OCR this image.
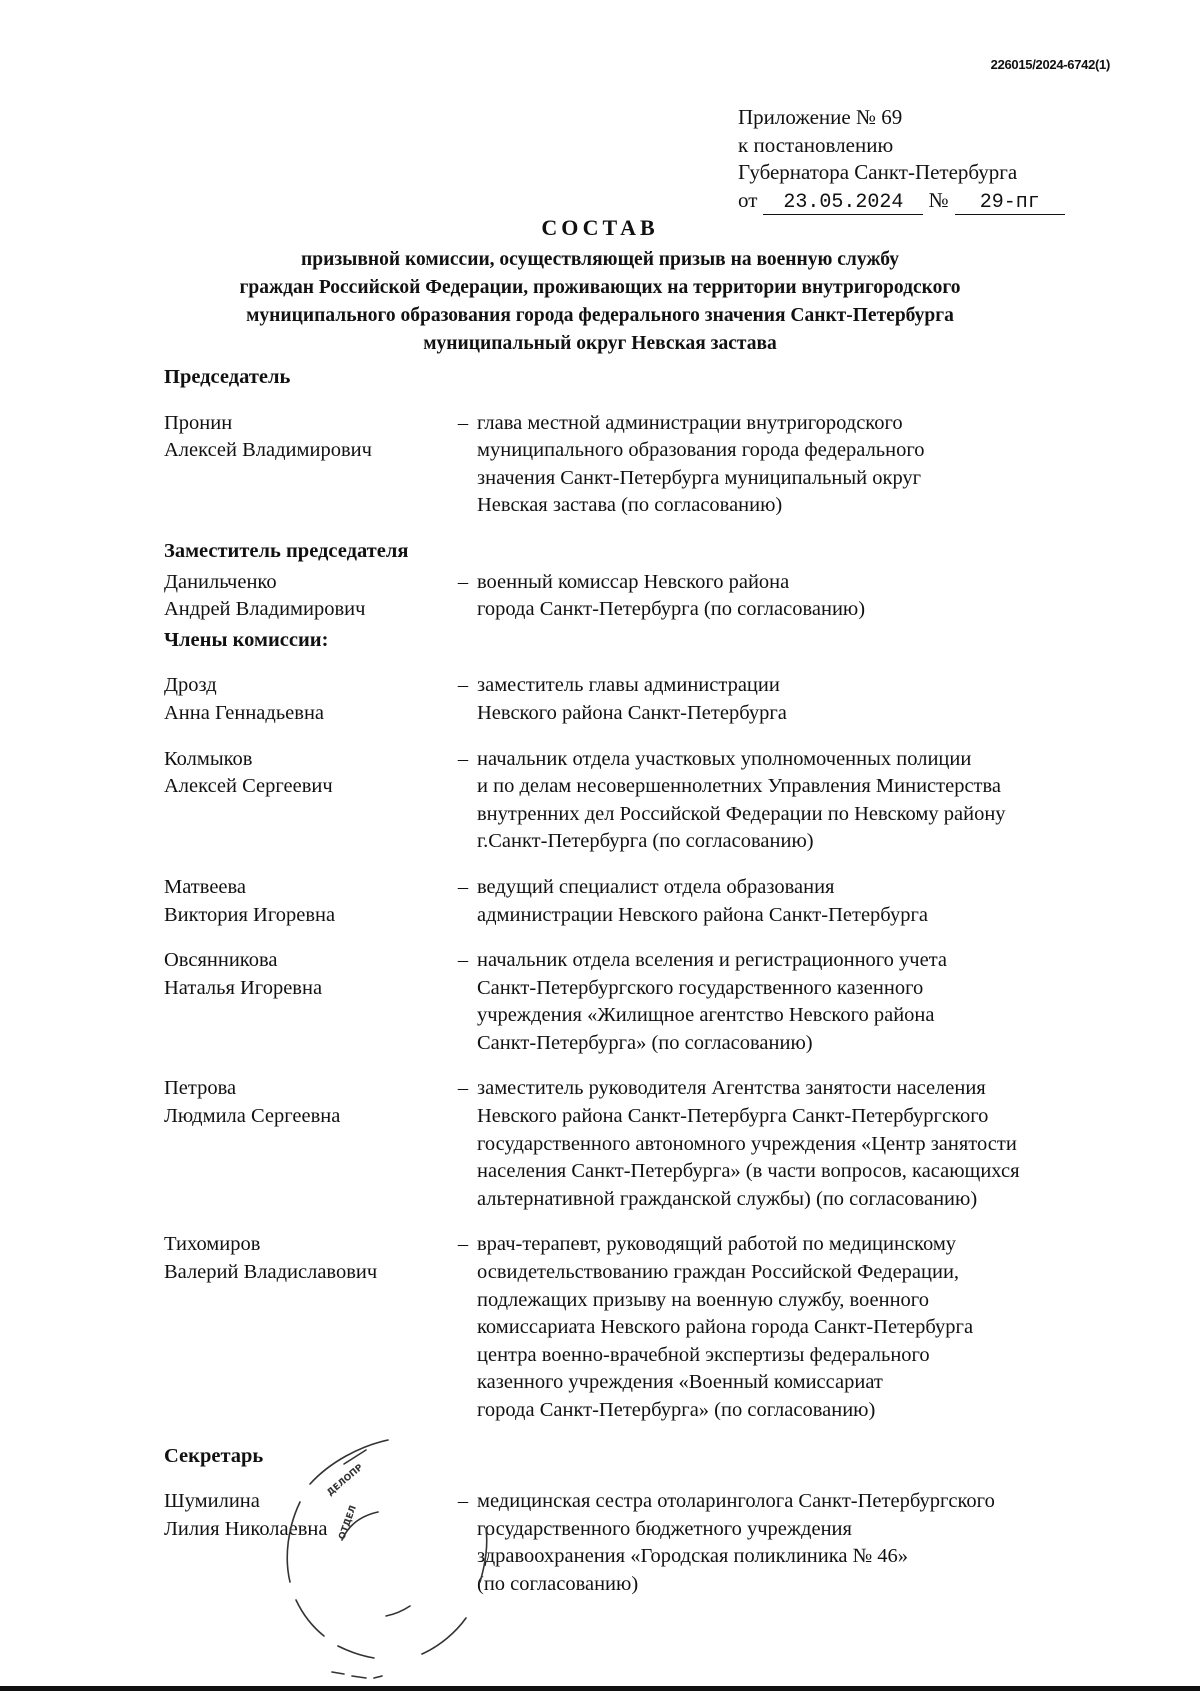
226015/2024-6742(1)
Приложение № 69
к постановлению
Губернатора Санкт-Петербурга
от 23.05.2024 № 29-пг
СОСТАВ
призывной комиссии, осуществляющей призыв на военную службу
граждан Российской Федерации, проживающих на территории внутригородского
муниципального образования города федерального значения Санкт-Петербурга
муниципальный округ Невская застава
Председатель
Пронин
Алексей Владимирович
– глава местной администрации внутригородского
муниципального образования города федерального
значения Санкт-Петербурга муниципальный округ
Невская застава (по согласованию)
Заместитель председателя
Данильченко
Андрей Владимирович
– военный комиссар Невского района
города Санкт-Петербурга (по согласованию)
Члены комиссии:
Дрозд
Анна Геннадьевна
– заместитель главы администрации
Невского района Санкт-Петербурга
Колмыков
Алексей Сергеевич
– начальник отдела участковых уполномоченных полиции
и по делам несовершеннолетних Управления Министерства
внутренних дел Российской Федерации по Невскому району
г.Санкт-Петербурга (по согласованию)
Матвеева
Виктория Игоревна
– ведущий специалист отдела образования
администрации Невского района Санкт-Петербурга
Овсянникова
Наталья Игоревна
– начальник отдела вселения и регистрационного учета
Санкт-Петербургского государственного казенного
учреждения «Жилищное агентство Невского района
Санкт-Петербурга» (по согласованию)
Петрова
Людмила Сергеевна
– заместитель руководителя Агентства занятости населения
Невского района Санкт-Петербурга Санкт-Петербургского
государственного автономного учреждения «Центр занятости
населения Санкт-Петербурга» (в части вопросов, касающихся
альтернативной гражданской службы) (по согласованию)
Тихомиров
Валерий Владиславович
– врач-терапевт, руководящий работой по медицинскому
освидетельствованию граждан Российской Федерации,
подлежащих призыву на военную службу, военного
комиссариата Невского района города Санкт-Петербурга
центра военно-врачебной экспертизы федерального
казенного учреждения «Военный комиссариат
города Санкт-Петербурга» (по согласованию)
Секретарь
Шумилина
Лилия Николаевна
– медицинская сестра отоларинголога Санкт-Петербургского
государственного бюджетного учреждения
здравоохранения «Городская поликлиника № 46»
(по согласованию)
ДЕЛОПР
ОТДЕЛ
